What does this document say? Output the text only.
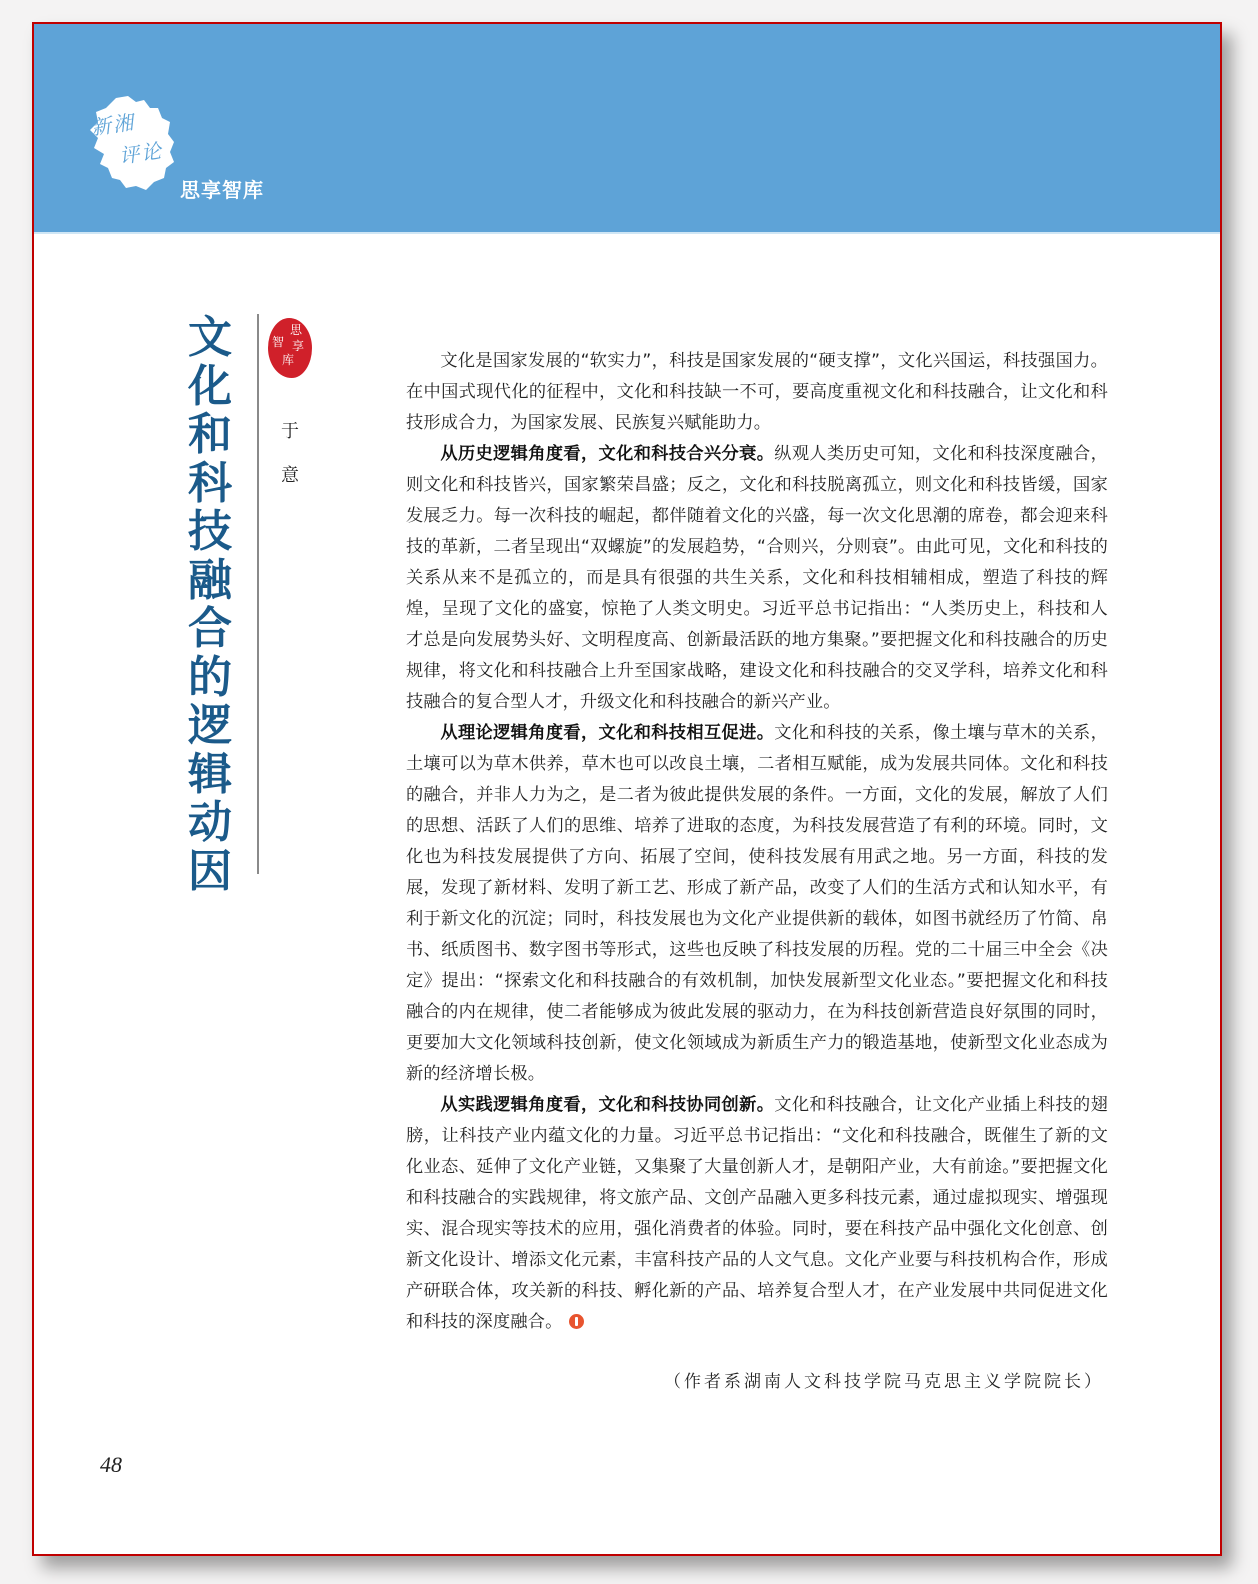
新湘
评论
思享智库
文
化
和
科
技
融
合
的
逻
辑
动
因
思
智 享
库
于
意

文化是国家发展的“软实力”，科技是国家发展的“硬支撑”，文化兴国运，科技强国力。在中国式现代化的征程中，文化和科技缺一不可，要高度重视文化和科技融合，让文化和科技形成合力，为国家发展、民族复兴赋能助力。

从历史逻辑角度看，文化和科技合兴分衰。纵观人类历史可知，文化和科技深度融合，则文化和科技皆兴，国家繁荣昌盛；反之，文化和科技脱离孤立，则文化和科技皆缓，国家发展乏力。每一次科技的崛起，都伴随着文化的兴盛，每一次文化思潮的席卷，都会迎来科技的革新，二者呈现出“双螺旋”的发展趋势，“合则兴，分则衰”。由此可见，文化和科技的关系从来不是孤立的，而是具有很强的共生关系，文化和科技相辅相成，塑造了科技的辉煌，呈现了文化的盛宴，惊艳了人类文明史。习近平总书记指出：“人类历史上，科技和人才总是向发展势头好、文明程度高、创新最活跃的地方集聚。”要把握文化和科技融合的历史规律，将文化和科技融合上升至国家战略，建设文化和科技融合的交叉学科，培养文化和科技融合的复合型人才，升级文化和科技融合的新兴产业。

从理论逻辑角度看，文化和科技相互促进。文化和科技的关系，像土壤与草木的关系，土壤可以为草木供养，草木也可以改良土壤，二者相互赋能，成为发展共同体。文化和科技的融合，并非人力为之，是二者为彼此提供发展的条件。一方面，文化的发展，解放了人们的思想、活跃了人们的思维、培养了进取的态度，为科技发展营造了有利的环境。同时，文化也为科技发展提供了方向、拓展了空间，使科技发展有用武之地。另一方面，科技的发展，发现了新材料、发明了新工艺、形成了新产品，改变了人们的生活方式和认知水平，有利于新文化的沉淀；同时，科技发展也为文化产业提供新的载体，如图书就经历了竹简、帛书、纸质图书、数字图书等形式，这些也反映了科技发展的历程。党的二十届三中全会《决定》提出：“探索文化和科技融合的有效机制，加快发展新型文化业态。”要把握文化和科技融合的内在规律，使二者能够成为彼此发展的驱动力，在为科技创新营造良好氛围的同时，更要加大文化领域科技创新，使文化领域成为新质生产力的锻造基地，使新型文化业态成为新的经济增长极。

从实践逻辑角度看，文化和科技协同创新。文化和科技融合，让文化产业插上科技的翅膀，让科技产业内蕴文化的力量。习近平总书记指出：“文化和科技融合，既催生了新的文化业态、延伸了文化产业链，又集聚了大量创新人才，是朝阳产业，大有前途。”要把握文化和科技融合的实践规律，将文旅产品、文创产品融入更多科技元素，通过虚拟现实、增强现实、混合现实等技术的应用，强化消费者的体验。同时，要在科技产品中强化文化创意、创新文化设计、增添文化元素，丰富科技产品的人文气息。文化产业要与科技机构合作，形成产研联合体，攻关新的科技、孵化新的产品、培养复合型人才，在产业发展中共同促进文化和科技的深度融合。

（作者系湖南人文科技学院马克思主义学院院长）
48
